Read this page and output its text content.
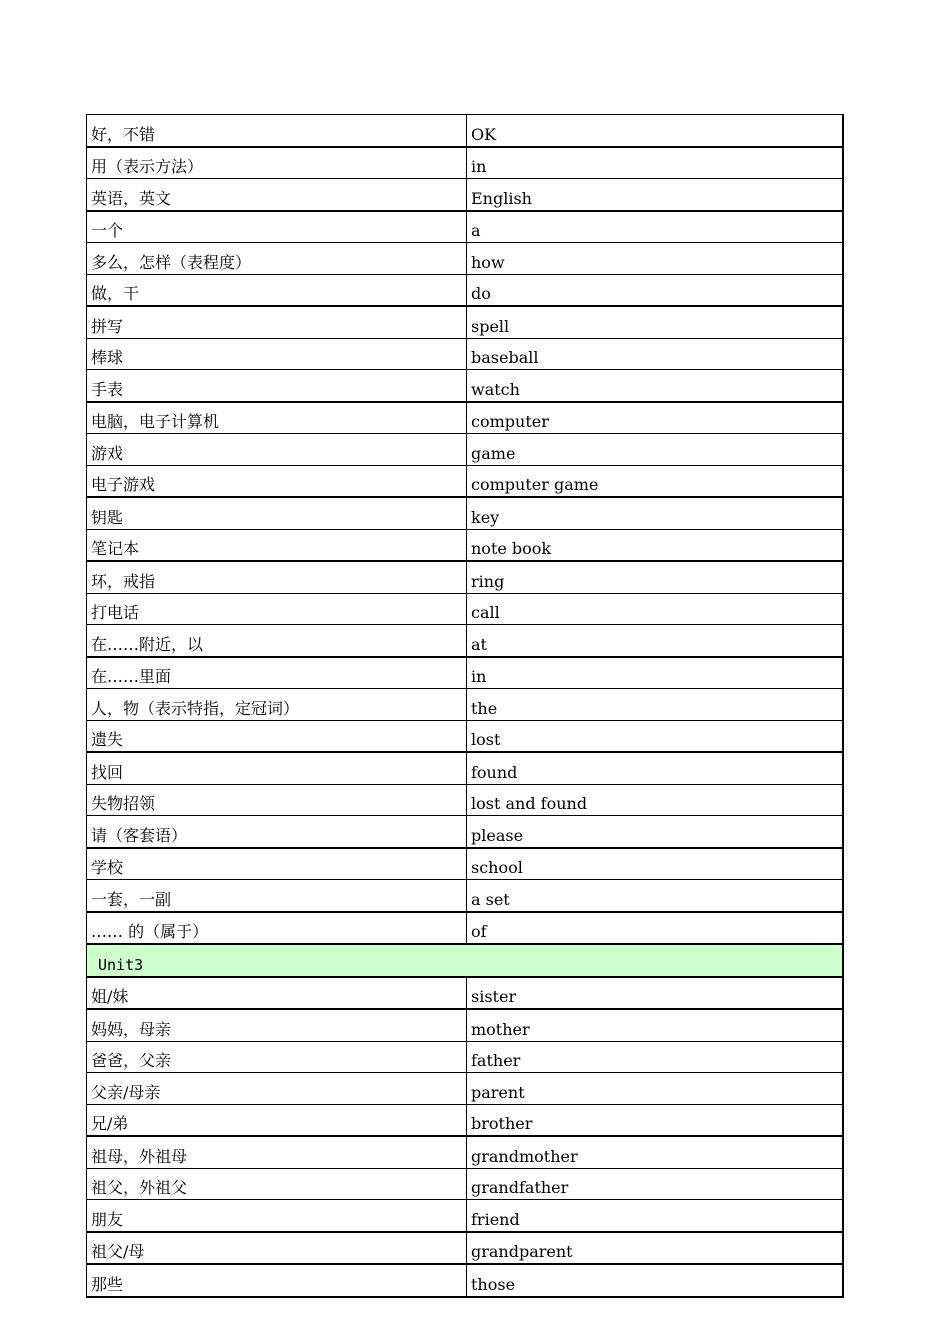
好，不错	OK
用（表示方法）	in
英语，英文	English
一个	a
多么，怎样（表程度）	how
做，干	do
拼写	spell
棒球	baseball
手表	watch
电脑，电子计算机	computer
游戏	game
电子游戏	computer game
钥匙	key
笔记本	note book
环，戒指	ring
打电话	call
在……附近，以	at
在……里面	in
人，物（表示特指，定冠词）	the
遗失	lost
找回	found
失物招领	lost and found
请（客套语）	please
学校	school
一套，一副	a set
…… 的（属于）	of
Unit3	
姐/妹	sister
妈妈，母亲	mother
爸爸，父亲	father
父亲/母亲	parent
兄/弟	brother
祖母，外祖母	grandmother
祖父，外祖父	grandfather
朋友	friend
祖父/母	grandparent
那些	those
